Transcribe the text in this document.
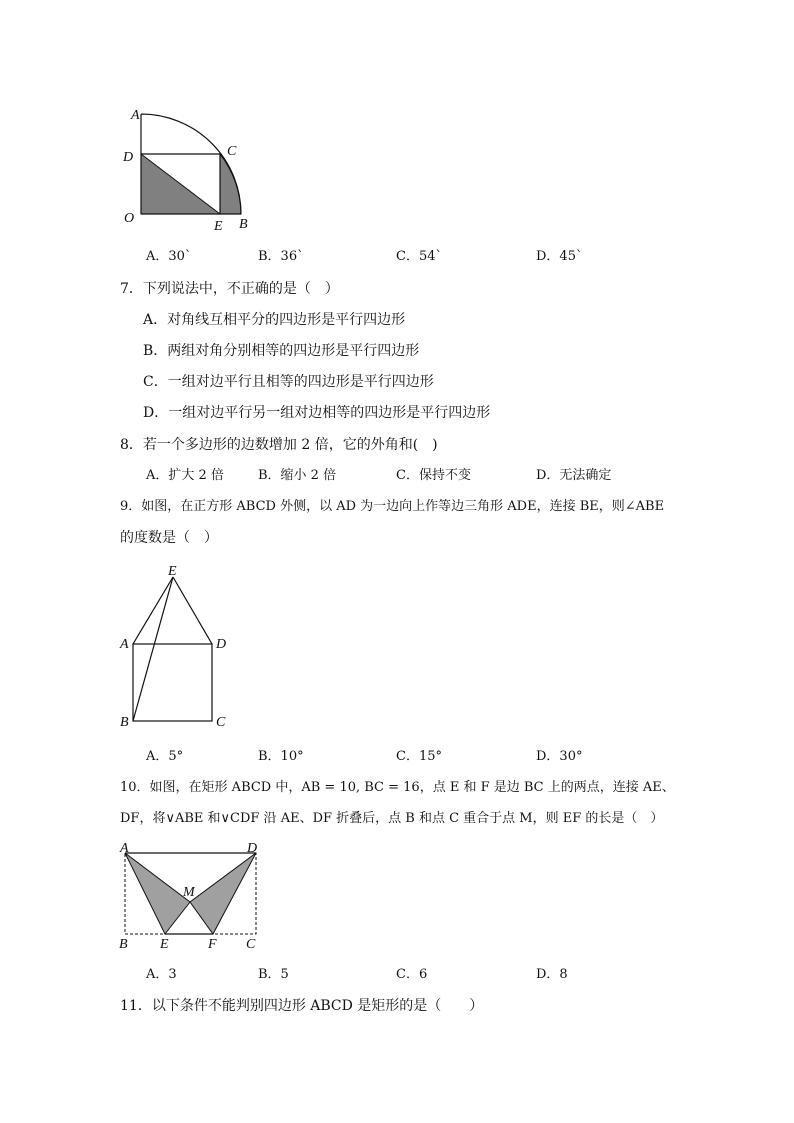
A
D	C
O
E B
A．30`	B．36`	C．54`	D．45`
7．下列说法中，不正确的是（　）
A．对角线互相平分的四边形是平行四边形
B．两组对角分别相等的四边形是平行四边形
C．一组对边平行且相等的四边形是平行四边形
D．一组对边平行另一组对边相等的四边形是平行四边形
8．若一个多边形的边数增加 2 倍，它的外角和(　)
A．扩大 2 倍	B．缩小 2 倍	C．保持不变	D．无法确定
9．如图，在正方形 ABCD 外侧，以 AD 为一边向上作等边三角形 ADE，连接 BE，则∠ABE
的度数是（　）
E
A	D
B	C
A．5°	B．10°	C．15°	D．30°
10．如图，在矩形 ABCD 中，AB = 10, BC = 16，点 E 和 F 是边 BC 上的两点，连接 AE、
DF，将∨ABE 和∨CDF 沿 AE、DF 折叠后，点 B 和点 C 重合于点 M，则 EF 的长是（　）
A	D
M
B E	F C
A．3	B．5	C．6	D．8
11．以下条件不能判别四边形 ABCD 是矩形的是（　　）
